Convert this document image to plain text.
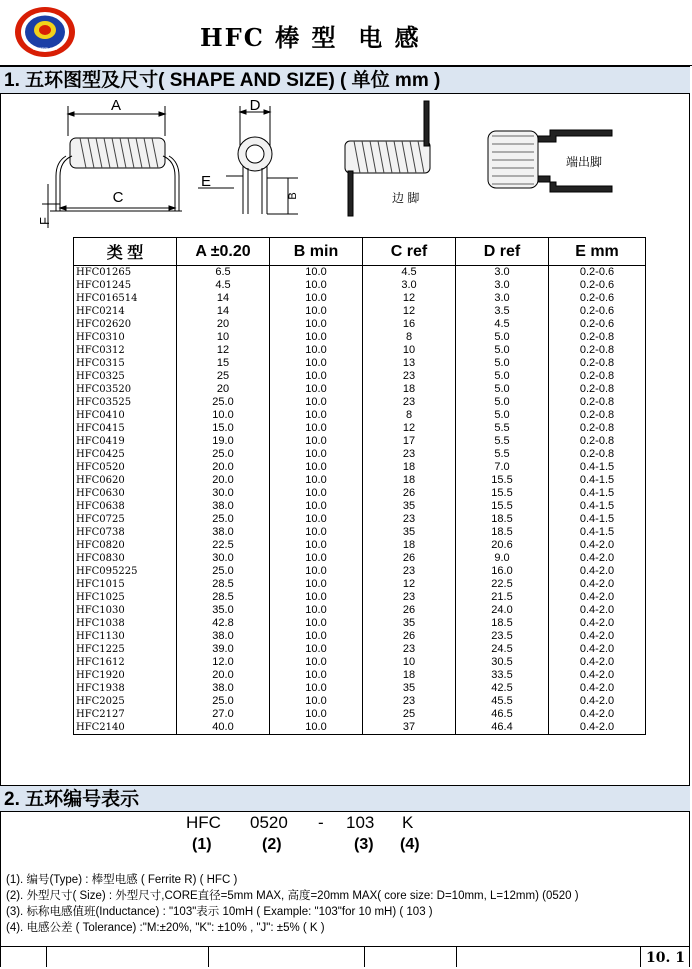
SINTERLABS	HFC 棒 型  电 感
1. 五环图型及尺寸( SHAPE AND SIZE) ( 单位 mm )
A
C
F
D
E
B	边 脚
端出脚
类 型	A ±0.20	B min	C ref	D ref	E mm
HFC01265	6.5	10.0	4.5	3.0	0.2-0.6
HFC01245	4.5	10.0	3.0	3.0	0.2-0.6
HFC016514	14	10.0	12	3.0	0.2-0.6
HFC0214	14	10.0	12	3.5	0.2-0.6
HFC02620	20	10.0	16	4.5	0.2-0.6
HFC0310	10	10.0	8	5.0	0.2-0.8
HFC0312	12	10.0	10	5.0	0.2-0.8
HFC0315	15	10.0	13	5.0	0.2-0.8
HFC0325	25	10.0	23	5.0	0.2-0.8
HFC03520	20	10.0	18	5.0	0.2-0.8
HFC03525	25.0	10.0	23	5.0	0.2-0.8
HFC0410	10.0	10.0	8	5.0	0.2-0.8
HFC0415	15.0	10.0	12	5.5	0.2-0.8
HFC0419	19.0	10.0	17	5.5	0.2-0.8
HFC0425	25.0	10.0	23	5.5	0.2-0.8
HFC0520	20.0	10.0	18	7.0	0.4-1.5
HFC0620	20.0	10.0	18	15.5	0.4-1.5
HFC0630	30.0	10.0	26	15.5	0.4-1.5
HFC0638	38.0	10.0	35	15.5	0.4-1.5
HFC0725	25.0	10.0	23	18.5	0.4-1.5
HFC0738	38.0	10.0	35	18.5	0.4-1.5
HFC0820	22.5	10.0	18	20.6	0.4-2.0
HFC0830	30.0	10.0	26	9.0	0.4-2.0
HFC095225	25.0	10.0	23	16.0	0.4-2.0
HFC1015	28.5	10.0	12	22.5	0.4-2.0
HFC1025	28.5	10.0	23	21.5	0.4-2.0
HFC1030	35.0	10.0	26	24.0	0.4-2.0
HFC1038	42.8	10.0	35	18.5	0.4-2.0
HFC1130	38.0	10.0	26	23.5	0.4-2.0
HFC1225	39.0	10.0	23	24.5	0.4-2.0
HFC1612	12.0	10.0	10	30.5	0.4-2.0
HFC1920	20.0	10.0	18	33.5	0.4-2.0
HFC1938	38.0	10.0	35	42.5	0.4-2.0
HFC2025	25.0	10.0	23	45.5	0.4-2.0
HFC2127	27.0	10.0	25	46.5	0.4-2.0
HFC2140	40.0	10.0	37	46.4	0.4-2.0
2. 五环编号表示
HFC 0520 - 103 K
(1)	(2)	(3) (4)
(1). 编号(Type) : 棒型电感 ( Ferrite R) ( HFC )
(2). 外型尺寸( Size) : 外型尺寸,CORE直径=5mm MAX, 高度=20mm MAX( core size: D=10mm, L=12mm) (0520 )
(3). 标称电感值班(Inductance) : "103"表示 10mH ( Example: "103"for 10 mH) ( 103 )
(4). 电感公差 ( Tolerance) :"M:±20%, "K": ±10% , "J": ±5% ( K )
10. 1
